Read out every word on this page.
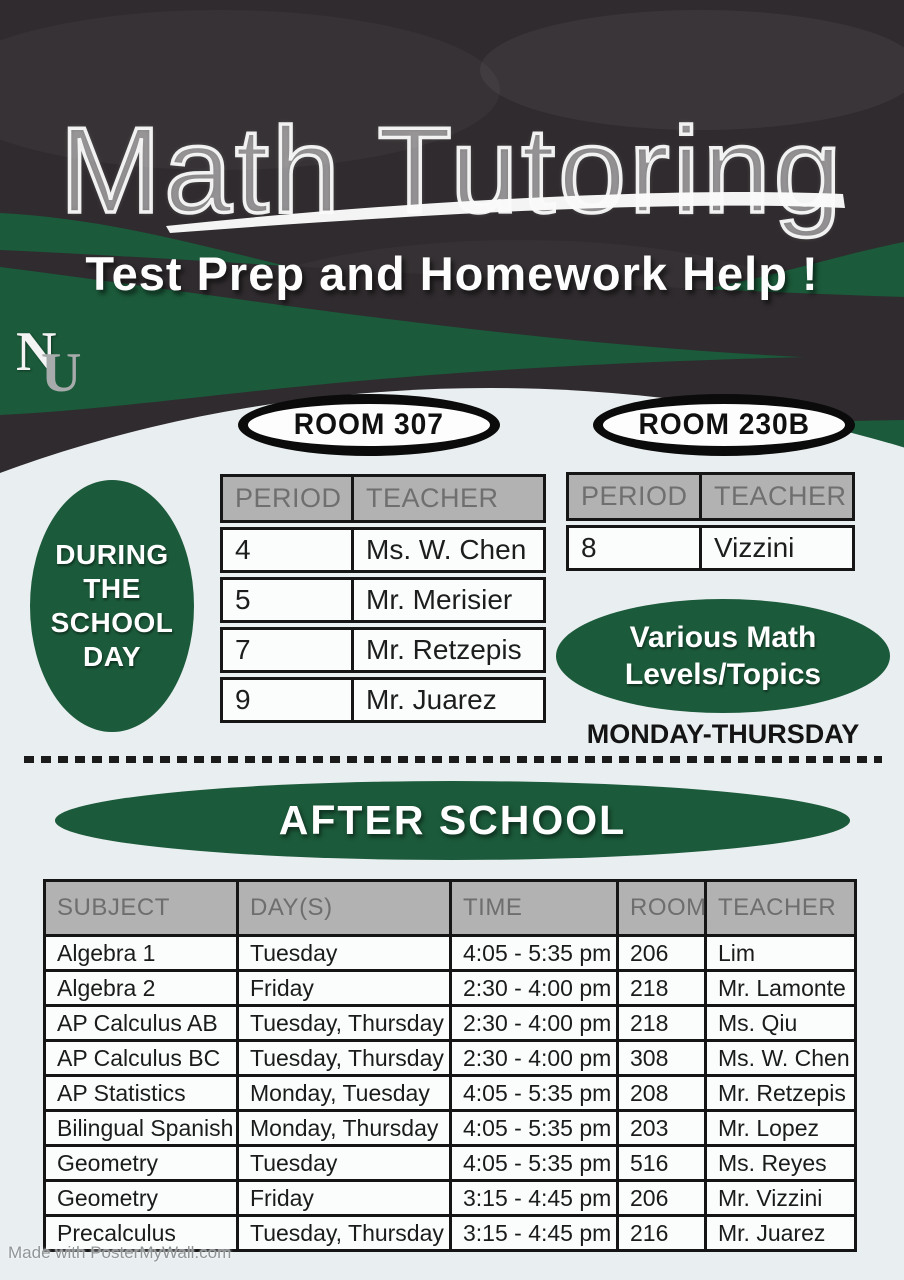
Math Tutoring
Test Prep and Homework Help !
N
U
ROOM 307	ROOM 230B
DURING
THE
SCHOOL
DAY
PERIOD TEACHER
4	Ms. W. Chen
5	Mr. Merisier
7	Mr. Retzepis
9	Mr. Juarez
PERIOD TEACHER
8	Vizzini
Various Math
Levels/Topics
MONDAY-THURSDAY
AFTER SCHOOL
SUBJECT	DAY(S)	TIME	ROOM	TEACHER
Algebra 1	Tuesday	4:05 - 5:35 pm	206	Lim
Algebra 2	Friday	2:30 - 4:00 pm	218	Mr. Lamonte
AP Calculus AB	Tuesday, Thursday	2:30 - 4:00 pm	218	Ms. Qiu
AP Calculus BC	Tuesday, Thursday	2:30 - 4:00 pm	308	Ms. W. Chen
AP Statistics	Monday, Tuesday	4:05 - 5:35 pm	208	Mr. Retzepis
Bilingual Spanish	Monday, Thursday	4:05 - 5:35 pm	203	Mr. Lopez
Geometry	Tuesday	4:05 - 5:35 pm	516	Ms. Reyes
Geometry	Friday	3:15 - 4:45 pm	206	Mr. Vizzini
Precalculus	Tuesday, Thursday	3:15 - 4:45 pm	216	Mr. Juarez
Made with PosterMyWall.com
